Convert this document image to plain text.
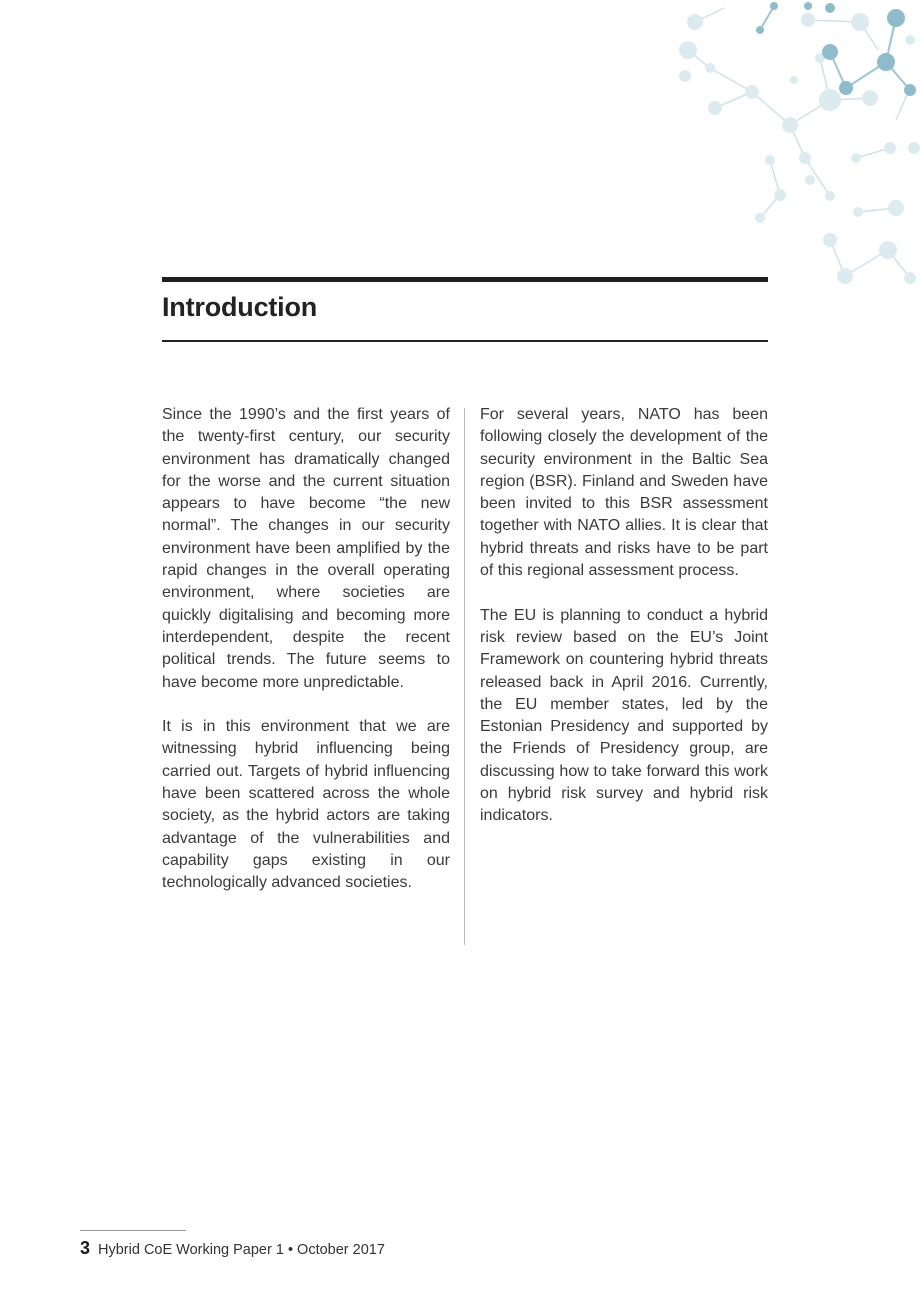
Introduction

Since the 1990’s and the first years of the twenty-first century, our security environment has dramatically changed for the worse and the current situation appears to have become “the new normal”. The changes in our security environment have been amplified by the rapid changes in the overall operating environment, where societies are quickly digitalising and becoming more interdependent, despite the recent political trends. The future seems to have become more unpredictable.

It is in this environment that we are witnessing hybrid influencing being carried out. Targets of hybrid influencing have been scattered across the whole society, as the hybrid actors are taking advantage of the vulnerabilities and capability gaps existing in our technologically advanced societies.

For several years, NATO has been following closely the development of the security environment in the Baltic Sea region (BSR). Finland and Sweden have been invited to this BSR assessment together with NATO allies. It is clear that hybrid threats and risks have to be part of this regional assessment process.

The EU is planning to conduct a hybrid risk review based on the EU’s Joint Framework on countering hybrid threats released back in April 2016. Currently, the EU member states, led by the Estonian Presidency and supported by the Friends of Presidency group, are discussing how to take forward this work on hybrid risk survey and hybrid risk indicators.

3 Hybrid CoE Working Paper 1 • October 2017
